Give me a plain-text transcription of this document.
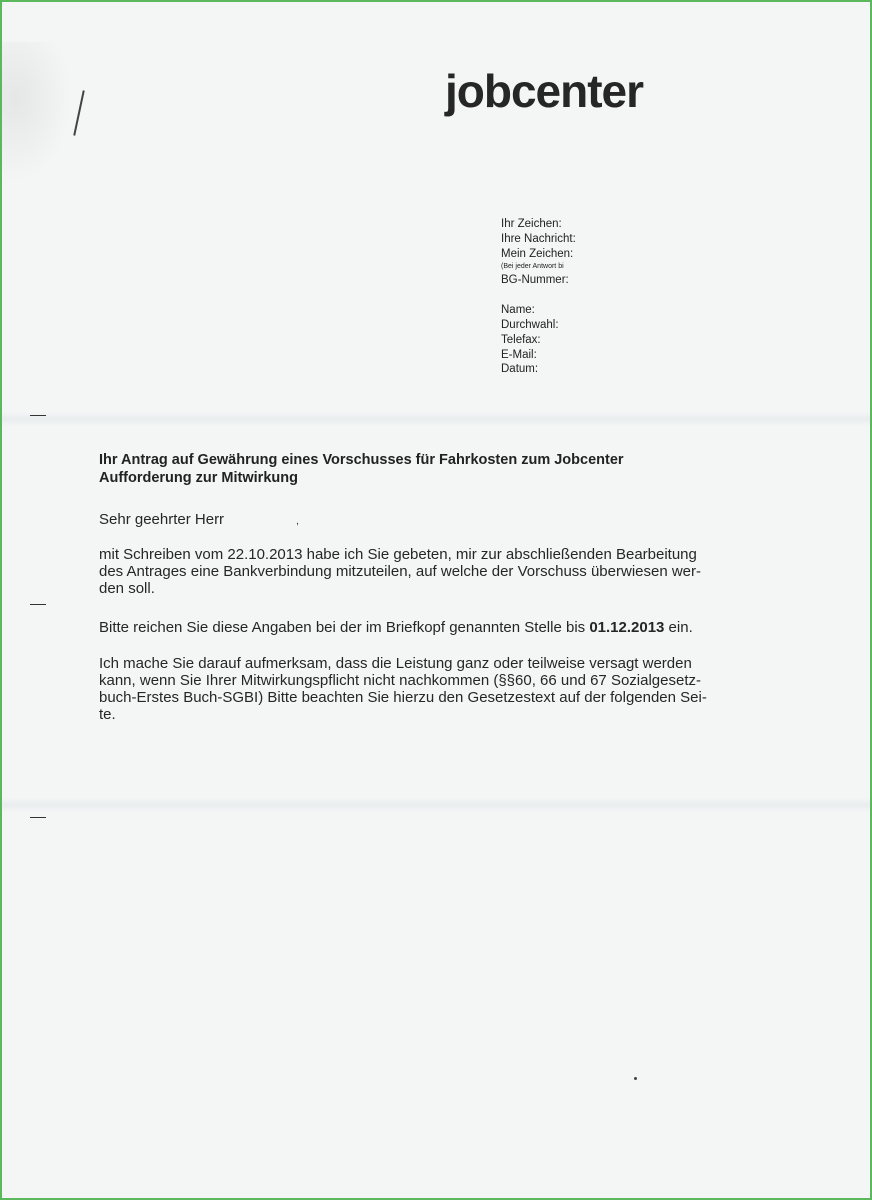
jobcenter
Ihr Zeichen:
Ihre Nachricht:
Mein Zeichen:
(Bei jeder Antwort bi
BG-Nummer:
Name:
Durchwahl:
Telefax:
E-Mail:
Datum:
Ihr Antrag auf Gewährung eines Vorschusses für Fahrkosten zum Jobcenter
Aufforderung zur Mitwirkung
Sehr geehrter Herr	,
mit Schreiben vom 22.10.2013 habe ich Sie gebeten, mir zur abschließenden Bearbeitung
des Antrages eine Bankverbindung mitzuteilen, auf welche der Vorschuss überwiesen wer-
den soll.
Bitte reichen Sie diese Angaben bei der im Briefkopf genannten Stelle bis 01.12.2013 ein.
Ich mache Sie darauf aufmerksam, dass die Leistung ganz oder teilweise versagt werden
kann, wenn Sie Ihrer Mitwirkungspflicht nicht nachkommen (§§60, 66 und 67 Sozialgesetz-
buch-Erstes Buch-SGBI) Bitte beachten Sie hierzu den Gesetzestext auf der folgenden Sei-
te.
